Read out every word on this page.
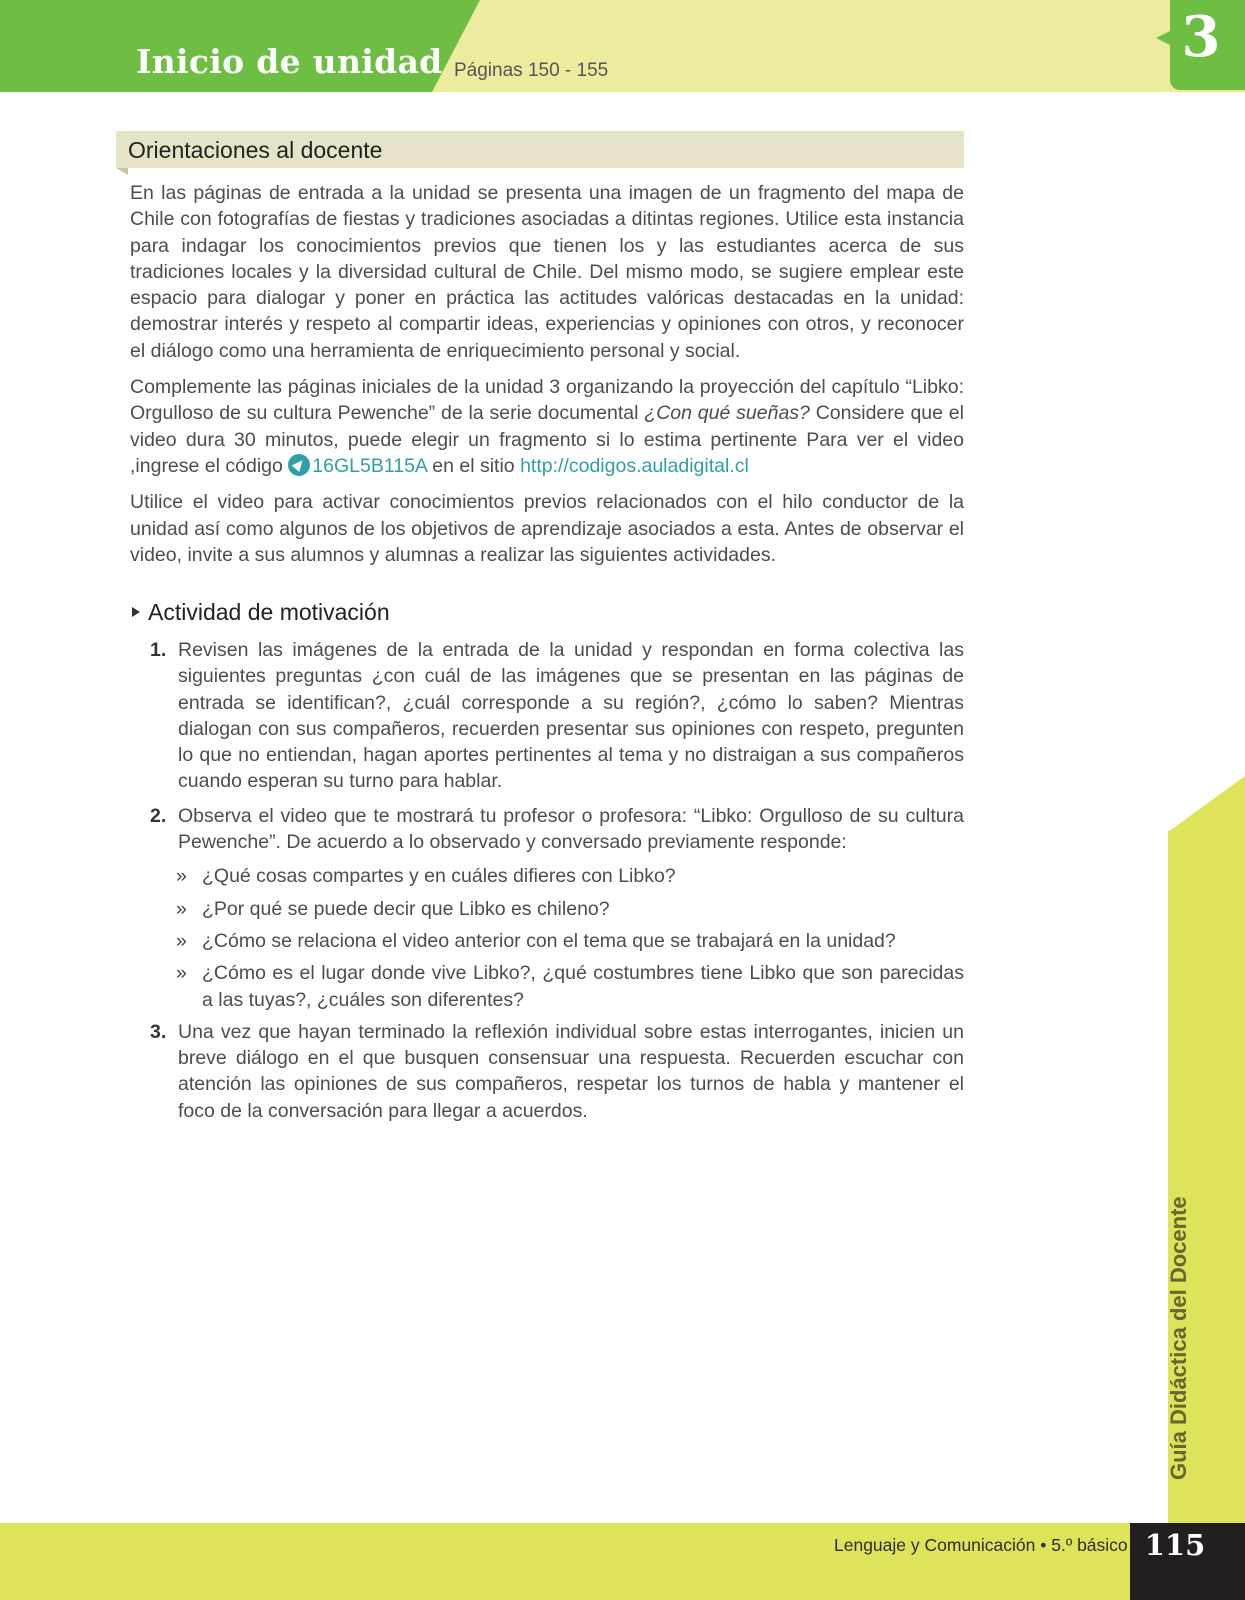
Inicio de unidad Páginas 150 - 155
3
Orientaciones al docente

En las páginas de entrada a la unidad se presenta una imagen de un fragmento del mapa de Chile con fotografías de fiestas y tradiciones asociadas a ditintas regiones. Utilice esta instancia para indagar los conocimientos previos que tienen los y las estudiantes acerca de sus tradiciones locales y la diversidad cultural de Chile. Del mismo modo, se sugiere emplear este espacio para dialogar y poner en práctica las actitudes valóricas destacadas en la unidad: demostrar interés y respeto al compartir ideas, experiencias y opiniones con otros, y reconocer el diálogo como una herramienta de enriquecimiento personal y social.

Complemente las páginas iniciales de la unidad 3 organizando la proyección del capítulo “Libko: Orgulloso de su cultura Pewenche” de la serie documental ¿Con qué sueñas? Considere que el video dura 30 minutos, puede elegir un fragmento si lo estima pertinente Para ver el video ,ingrese el código 16GL5B115A en el sitio http://codigos.auladigital.cl

Utilice el video para activar conocimientos previos relacionados con el hilo conductor de la unidad así como algunos de los objetivos de aprendizaje asociados a esta. Antes de observar el video, invite a sus alumnos y alumnas a realizar las siguientes actividades.

Actividad de motivación
1. Revisen las imágenes de la entrada de la unidad y respondan en forma colectiva las siguientes preguntas ¿con cuál de las imágenes que se presentan en las páginas de entrada se identifican?, ¿cuál corresponde a su región?, ¿cómo lo saben? Mientras dialogan con sus compañeros, recuerden presentar sus opiniones con respeto, pregunten lo que no entiendan, hagan aportes pertinentes al tema y no distraigan a sus compañeros cuando esperan su turno para hablar.
2. Observa el video que te mostrará tu profesor o profesora: “Libko: Orgulloso de su cultura Pewenche”. De acuerdo a lo observado y conversado previamente responde:
» ¿Qué cosas compartes y en cuáles difieres con Libko?
» ¿Por qué se puede decir que Libko es chileno?
» ¿Cómo se relaciona el video anterior con el tema que se trabajará en la unidad?
» ¿Cómo es el lugar donde vive Libko?, ¿qué costumbres tiene Libko que son parecidas a las tuyas?, ¿cuáles son diferentes?
3. Una vez que hayan terminado la reflexión individual sobre estas interrogantes, inicien un breve diálogo en el que busquen consensuar una respuesta. Recuerden escuchar con atención las opiniones de sus compañeros, respetar los turnos de habla y mantener el foco de la conversación para llegar a acuerdos.
Guía Didáctica del Docente
Lenguaje y Comunicación • 5.º básico 115
